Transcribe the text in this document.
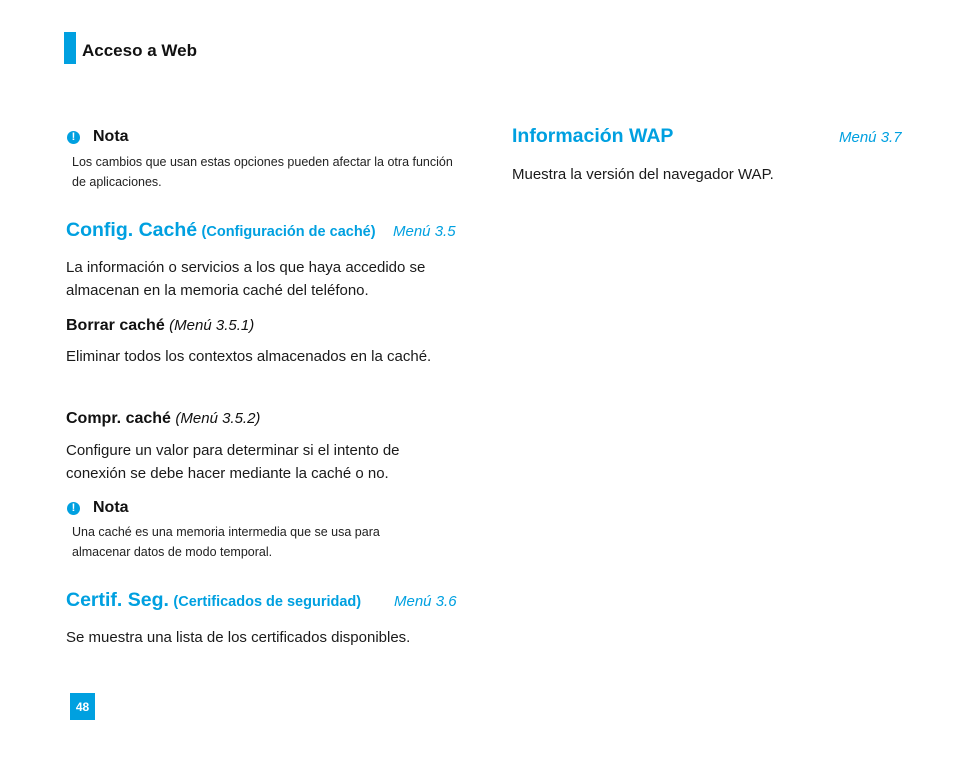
Acceso a Web
! Nota
Los cambios que usan estas opciones pueden afectar la otra función de aplicaciones.
Config. Caché (Configuración de caché) Menú 3.5
La información o servicios a los que haya accedido se almacenan en la memoria caché del teléfono.
Borrar caché (Menú 3.5.1)
Eliminar todos los contextos almacenados en la caché.
Compr. caché (Menú 3.5.2)
Configure un valor para determinar si el intento de conexión se debe hacer mediante la caché o no.
! Nota
Una caché es una memoria intermedia que se usa para almacenar datos de modo temporal.
Certif. Seg. (Certificados de seguridad) Menú 3.6
Se muestra una lista de los certificados disponibles.
Información WAP	Menú 3.7
Muestra la versión del navegador WAP.
48
